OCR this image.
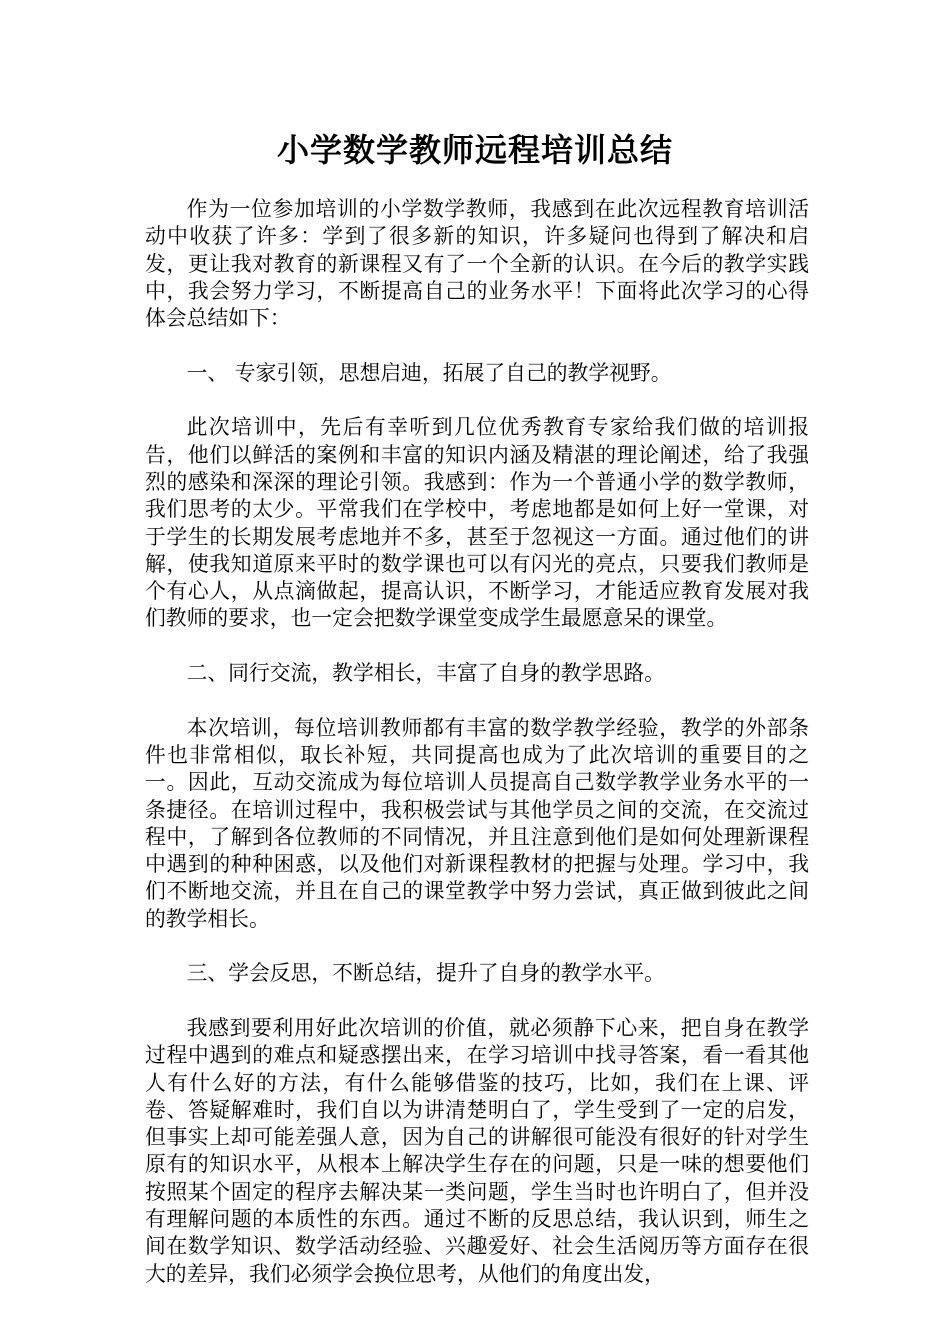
小学数学教师远程培训总结

作为一位参加培训的小学数学教师，我感到在此次远程教育培训活动中收获了许多：学到了很多新的知识，许多疑问也得到了解决和启发，更让我对教育的新课程又有了一个全新的认识。在今后的教学实践中，我会努力学习，不断提高自己的业务水平！下面将此次学习的心得体会总结如下：

一、 专家引领，思想启迪，拓展了自己的教学视野。

此次培训中，先后有幸听到几位优秀教育专家给我们做的培训报告，他们以鲜活的案例和丰富的知识内涵及精湛的理论阐述，给了我强烈的感染和深深的理论引领。我感到：作为一个普通小学的数学教师，我们思考的太少。平常我们在学校中，考虑地都是如何上好一堂课，对于学生的长期发展考虑地并不多，甚至于忽视这一方面。通过他们的讲解，使我知道原来平时的数学课也可以有闪光的亮点，只要我们教师是个有心人，从点滴做起，提高认识，不断学习，才能适应教育发展对我们教师的要求，也一定会把数学课堂变成学生最愿意呆的课堂。

二、同行交流，教学相长，丰富了自身的教学思路。

本次培训，每位培训教师都有丰富的数学教学经验，教学的外部条件也非常相似，取长补短，共同提高也成为了此次培训的重要目的之一。因此，互动交流成为每位培训人员提高自己数学教学业务水平的一条捷径。在培训过程中，我积极尝试与其他学员之间的交流，在交流过程中，了解到各位教师的不同情况，并且注意到他们是如何处理新课程中遇到的种种困惑，以及他们对新课程教材的把握与处理。学习中，我们不断地交流，并且在自己的课堂教学中努力尝试，真正做到彼此之间的教学相长。

三、学会反思，不断总结，提升了自身的教学水平。

我感到要利用好此次培训的价值，就必须静下心来，把自身在教学过程中遇到的难点和疑惑摆出来，在学习培训中找寻答案，看一看其他人有什么好的方法，有什么能够借鉴的技巧，比如，我们在上课、评卷、答疑解难时，我们自以为讲清楚明白了，学生受到了一定的启发，但事实上却可能差强人意，因为自己的讲解很可能没有很好的针对学生原有的知识水平，从根本上解决学生存在的问题，只是一味的想要他们按照某个固定的程序去解决某一类问题，学生当时也许明白了，但并没有理解问题的本质性的东西。通过不断的反思总结，我认识到，师生之间在数学知识、数学活动经验、兴趣爱好、社会生活阅历等方面存在很大的差异，我们必须学会换位思考，从他们的角度出发，
